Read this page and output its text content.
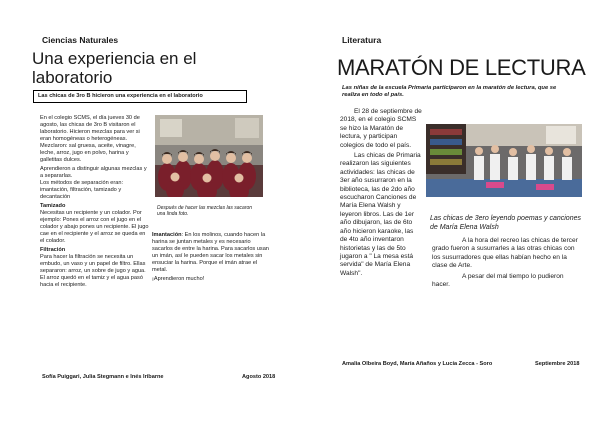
Ciencias Naturales
Una experiencia en el
laboratorio
Las chicas de 3ro B hicieron una experiencia en el laboratorio

En el colegio SCMS, el día jueves 30 de agosto, las chicas de 3ro B visitaron el laboratorio. Hicieron mezclas para ver si eran homogéneas o heterogéneas. Mezclaron: sal gruesa, aceite, vinagre, leche, arroz, jugo en polvo, harina y galletitas dulces.

Aprendieron a distinguir algunas mezclas y a separarlas.

Los métodos de separación eran: imantación, filtración, tamizado y decantación

Tamizado

Necesitas un recipiente y un colador. Por ejemplo: Pones el arroz con el jugo en el colador y abajo pones un recipiente. El jugo cae en el recipiente y el arroz se queda en el colador.

Filtración

Para hacer la filtración se necesita un embudo, un vaso y un papel de filtro. Ellas separaron: arroz, un sobre de jugo y agua. El arroz quedó en el tamiz y el agua pasó hacia el recipiente.

Después de hacer las mezclas las sacaron una linda foto.

Imantación: En los molinos, cuando hacen la harina se juntan metales y es necesario sacarlos de entre la harina. Para sacarlos usan un imán, así le pueden sacar los metales sin ensuciar la harina. Porque el imán atrae el metal.

¡Aprendieron mucho!

Sofía Puiggari, Julia Stegmann e Inés Iribarne	Agosto 2018
Literatura
MARATÓN DE LECTURA
Las niñas de la escuela Primaria participaron en la maratón de lectura, que se realiza en todo el país.

El 28 de septiembre de 2018, en el colegio SCMS se hizo la Maratón de lectura, y participan colegios de todo el país.

Las chicas de Primaria realizaron las siguientes actividades: las chicas de 3er año susurraron en la biblioteca, las de 2do año escucharon Canciones de María Elena Walsh y leyeron libros. Las de 1er año dibujaron, las de 6to año hicieron karaoke, las de 4to año inventaron historietas y las de 5to jugaron a " La mesa está servida" de María Elena Walsh".

Las chicas de 3ero leyendo poemas y canciones de María Elena Walsh

A la hora del recreo las chicas de tercer grado fueron a susurrarles a las otras chicas con los susurradores que ellas habían hecho en la clase de Arte.

A pesar del mal tiempo lo pudieron hacer.

Amalia Olbeira Boyd, María Añaños y Lucía Zecca - Soro	Septiembre 2018
